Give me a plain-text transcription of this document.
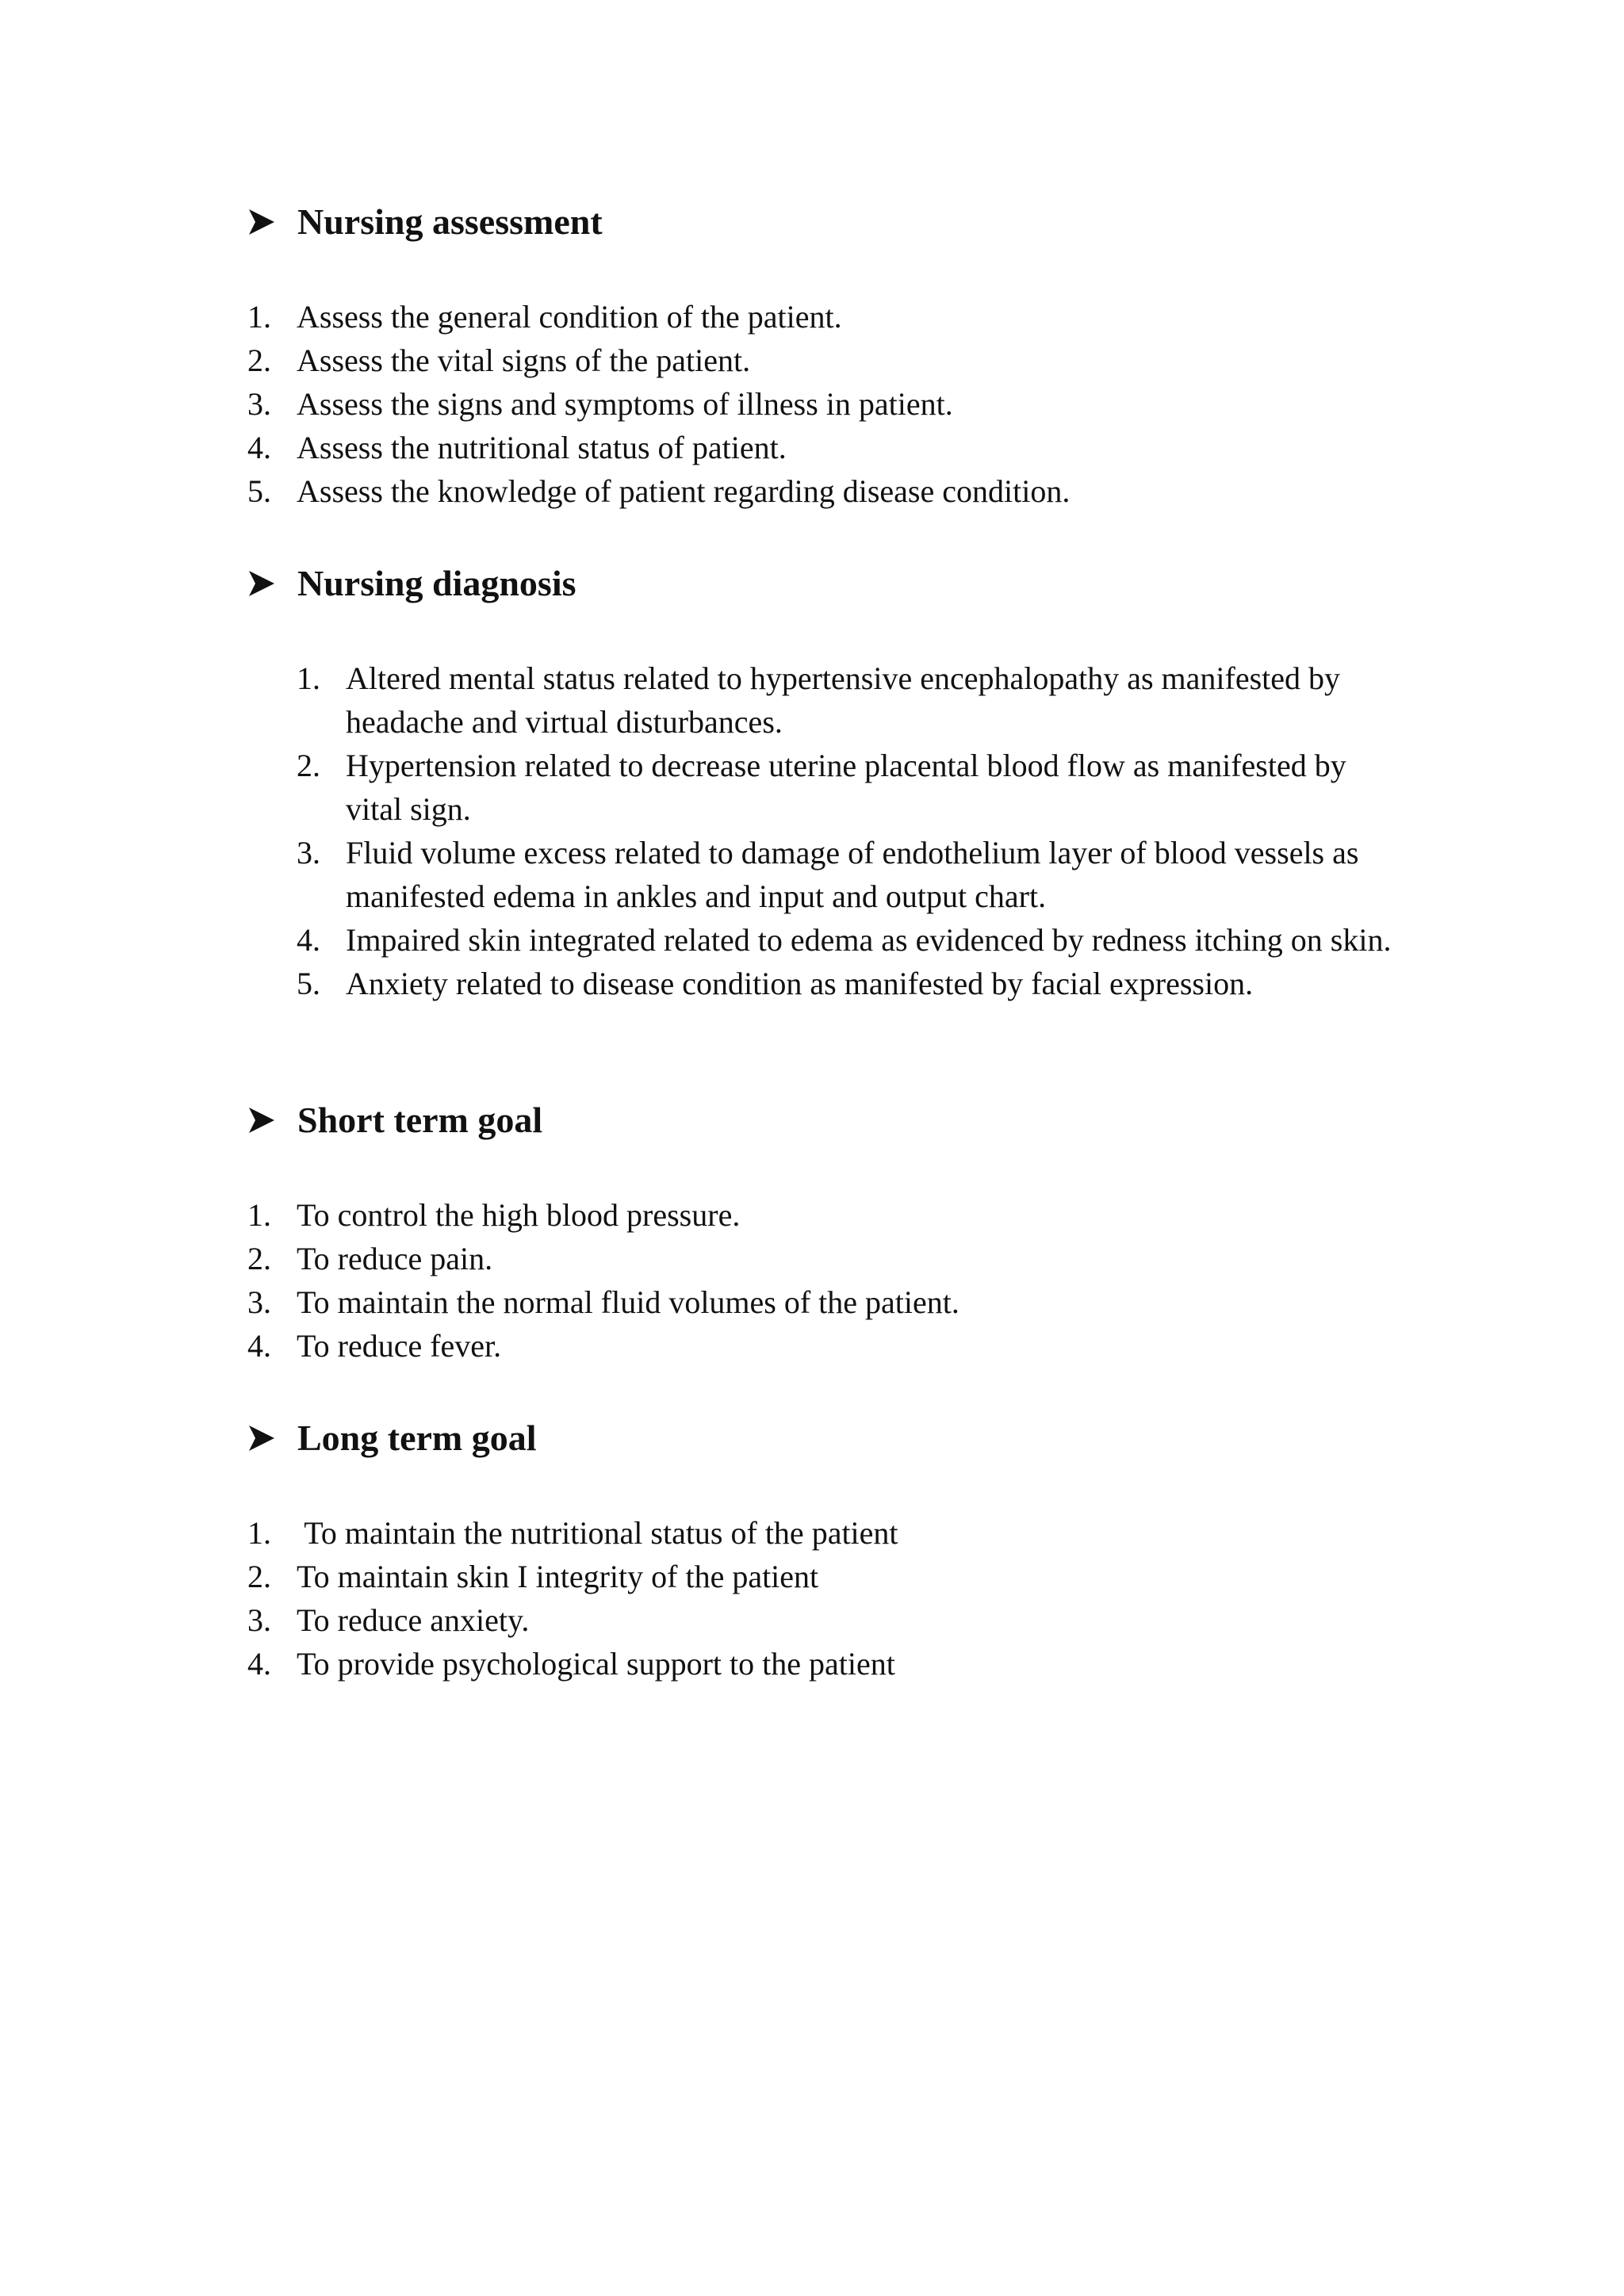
Nursing assessment
1. Assess the general condition of the patient.
2. Assess the vital signs of the patient.
3. Assess the signs and symptoms of illness in patient.
4. Assess the nutritional status of patient.
5. Assess the knowledge of patient regarding disease condition.
Nursing diagnosis
1. Altered mental status related to hypertensive encephalopathy as manifested by headache and virtual disturbances.
2. Hypertension related to decrease uterine placental blood flow as manifested by vital sign.
3. Fluid volume excess related to damage of endothelium layer of blood vessels as manifested edema in ankles and input and output chart.
4. Impaired skin integrated related to edema as evidenced by redness itching on skin.
5. Anxiety related to disease condition as manifested by facial expression.
Short term goal
1. To control the high blood pressure.
2. To reduce pain.
3. To maintain the normal fluid volumes of the patient.
4. To reduce fever.
Long term goal
1. To maintain the nutritional status of the patient
2. To maintain skin I integrity of the patient
3. To reduce anxiety.
4. To provide psychological support to the patient
